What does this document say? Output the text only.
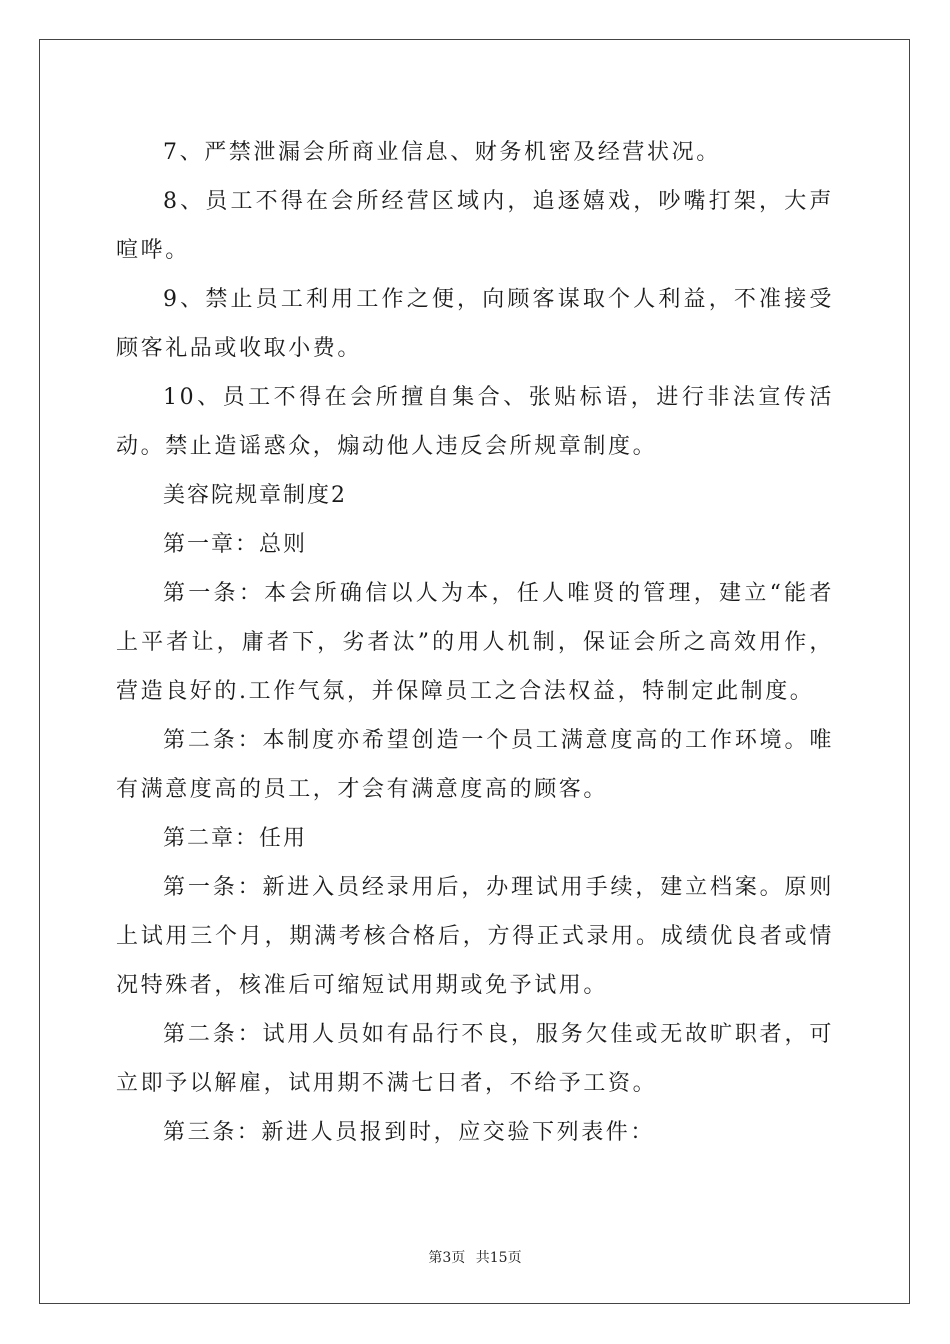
7、严禁泄漏会所商业信息、财务机密及经营状况。

8、员工不得在会所经营区域内，追逐嬉戏，吵嘴打架，大声喧哗。

9、禁止员工利用工作之便，向顾客谋取个人利益，不准接受顾客礼品或收取小费。

10、员工不得在会所擅自集合、张贴标语，进行非法宣传活动。禁止造谣惑众，煽动他人违反会所规章制度。

美容院规章制度2

第一章：总则

第一条：本会所确信以人为本，任人唯贤的管理，建立“能者上平者让，庸者下，劣者汰”的用人机制，保证会所之高效用作，营造良好的.工作气氛，并保障员工之合法权益，特制定此制度。

第二条：本制度亦希望创造一个员工满意度高的工作环境。唯有满意度高的员工，才会有满意度高的顾客。

第二章：任用

第一条：新进入员经录用后，办理试用手续，建立档案。原则上试用三个月，期满考核合格后，方得正式录用。成绩优良者或情况特殊者，核准后可缩短试用期或免予试用。

第二条：试用人员如有品行不良，服务欠佳或无故旷职者，可立即予以解雇，试用期不满七日者，不给予工资。

第三条：新进人员报到时，应交验下列表件：

第3页 共15页
